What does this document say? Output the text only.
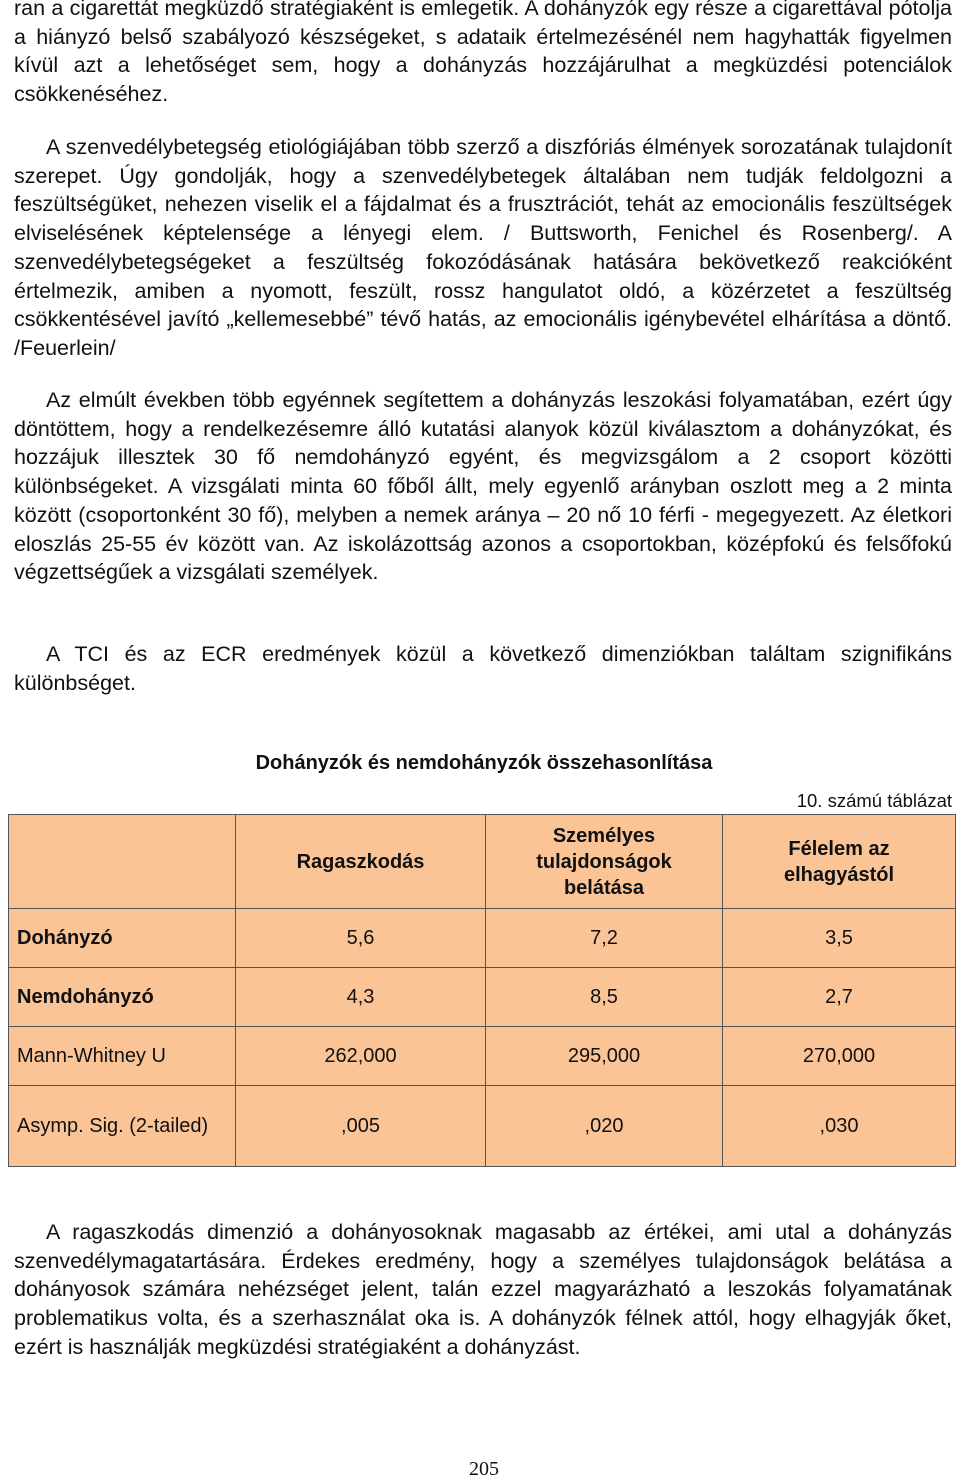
ran a cigarettát megküzdő stratégiaként is emlegetik. A dohányzók egy része a cigarettával pótolja a hiányzó belső szabályozó készségeket, s adataik értelmezésénél nem hagyhatták figyelmen kívül azt a lehetőséget sem, hogy a dohányzás hozzájárulhat a megküzdési potenciálok csökkenéséhez.

A szenvedélybetegség etiológiájában több szerző a diszfóriás élmények sorozatának tulajdonít szerepet. Úgy gondolják, hogy a szenvedélybetegek általában nem tudják feldolgozni a feszültségüket, nehezen viselik el a fájdalmat és a frusztrációt, tehát az emocionális feszültségek elviselésének képtelensége a lényegi elem. / Buttsworth, Fenichel és Rosenberg/. A szenvedélybetegségeket a feszültség fokozódásának hatására bekövetkező reakcióként értelmezik, amiben a nyomott, feszült, rossz hangulatot oldó, a közérzetet a feszültség csökkentésével javító „kellemesebbé” tévő hatás, az emocionális igénybevétel elhárítása a döntő. /Feuerlein/

Az elmúlt években több egyénnek segítettem a dohányzás leszokási folyamatában, ezért úgy döntöttem, hogy a rendelkezésemre álló kutatási alanyok közül kiválasztom a dohányzókat, és hozzájuk illesztek 30 fő nemdohányzó egyént, és megvizsgálom a 2 csoport közötti különbségeket. A vizsgálati minta 60 főből állt, mely egyenlő arányban oszlott meg a 2 minta között (csoportonként 30 fő), melyben a nemek aránya – 20 nő 10 férfi - megegyezett. Az életkori eloszlás 25-55 év között van. Az iskolázottság azonos a csoportokban, középfokú és felsőfokú végzettségűek a vizsgálati személyek.

A TCI és az ECR eredmények közül a következő dimenziókban találtam szignifikáns különbséget.

Dohányzók és nemdohányzók összehasonlítása
10. számú táblázat
	Ragaszkodás	Személyes tulajdonságok belátása	Félelem az elhagyástól
Dohányzó	5,6	7,2	3,5
Nemdohányzó	4,3	8,5	2,7
Mann-Whitney U	262,000	295,000	270,000
Asymp. Sig. (2-tailed)	,005	,020	,030

A ragaszkodás dimenzió a dohányosoknak magasabb az értékei, ami utal a dohányzás szenvedélymagatartására. Érdekes eredmény, hogy a személyes tulajdonságok belátása a dohányosok számára nehézséget jelent, talán ezzel magyarázható a leszokás folyamatának problematikus volta, és a szerhasználat oka is. A dohányzók félnek attól, hogy elhagyják őket, ezért is használják megküzdési stratégiaként a dohányzást.

205
